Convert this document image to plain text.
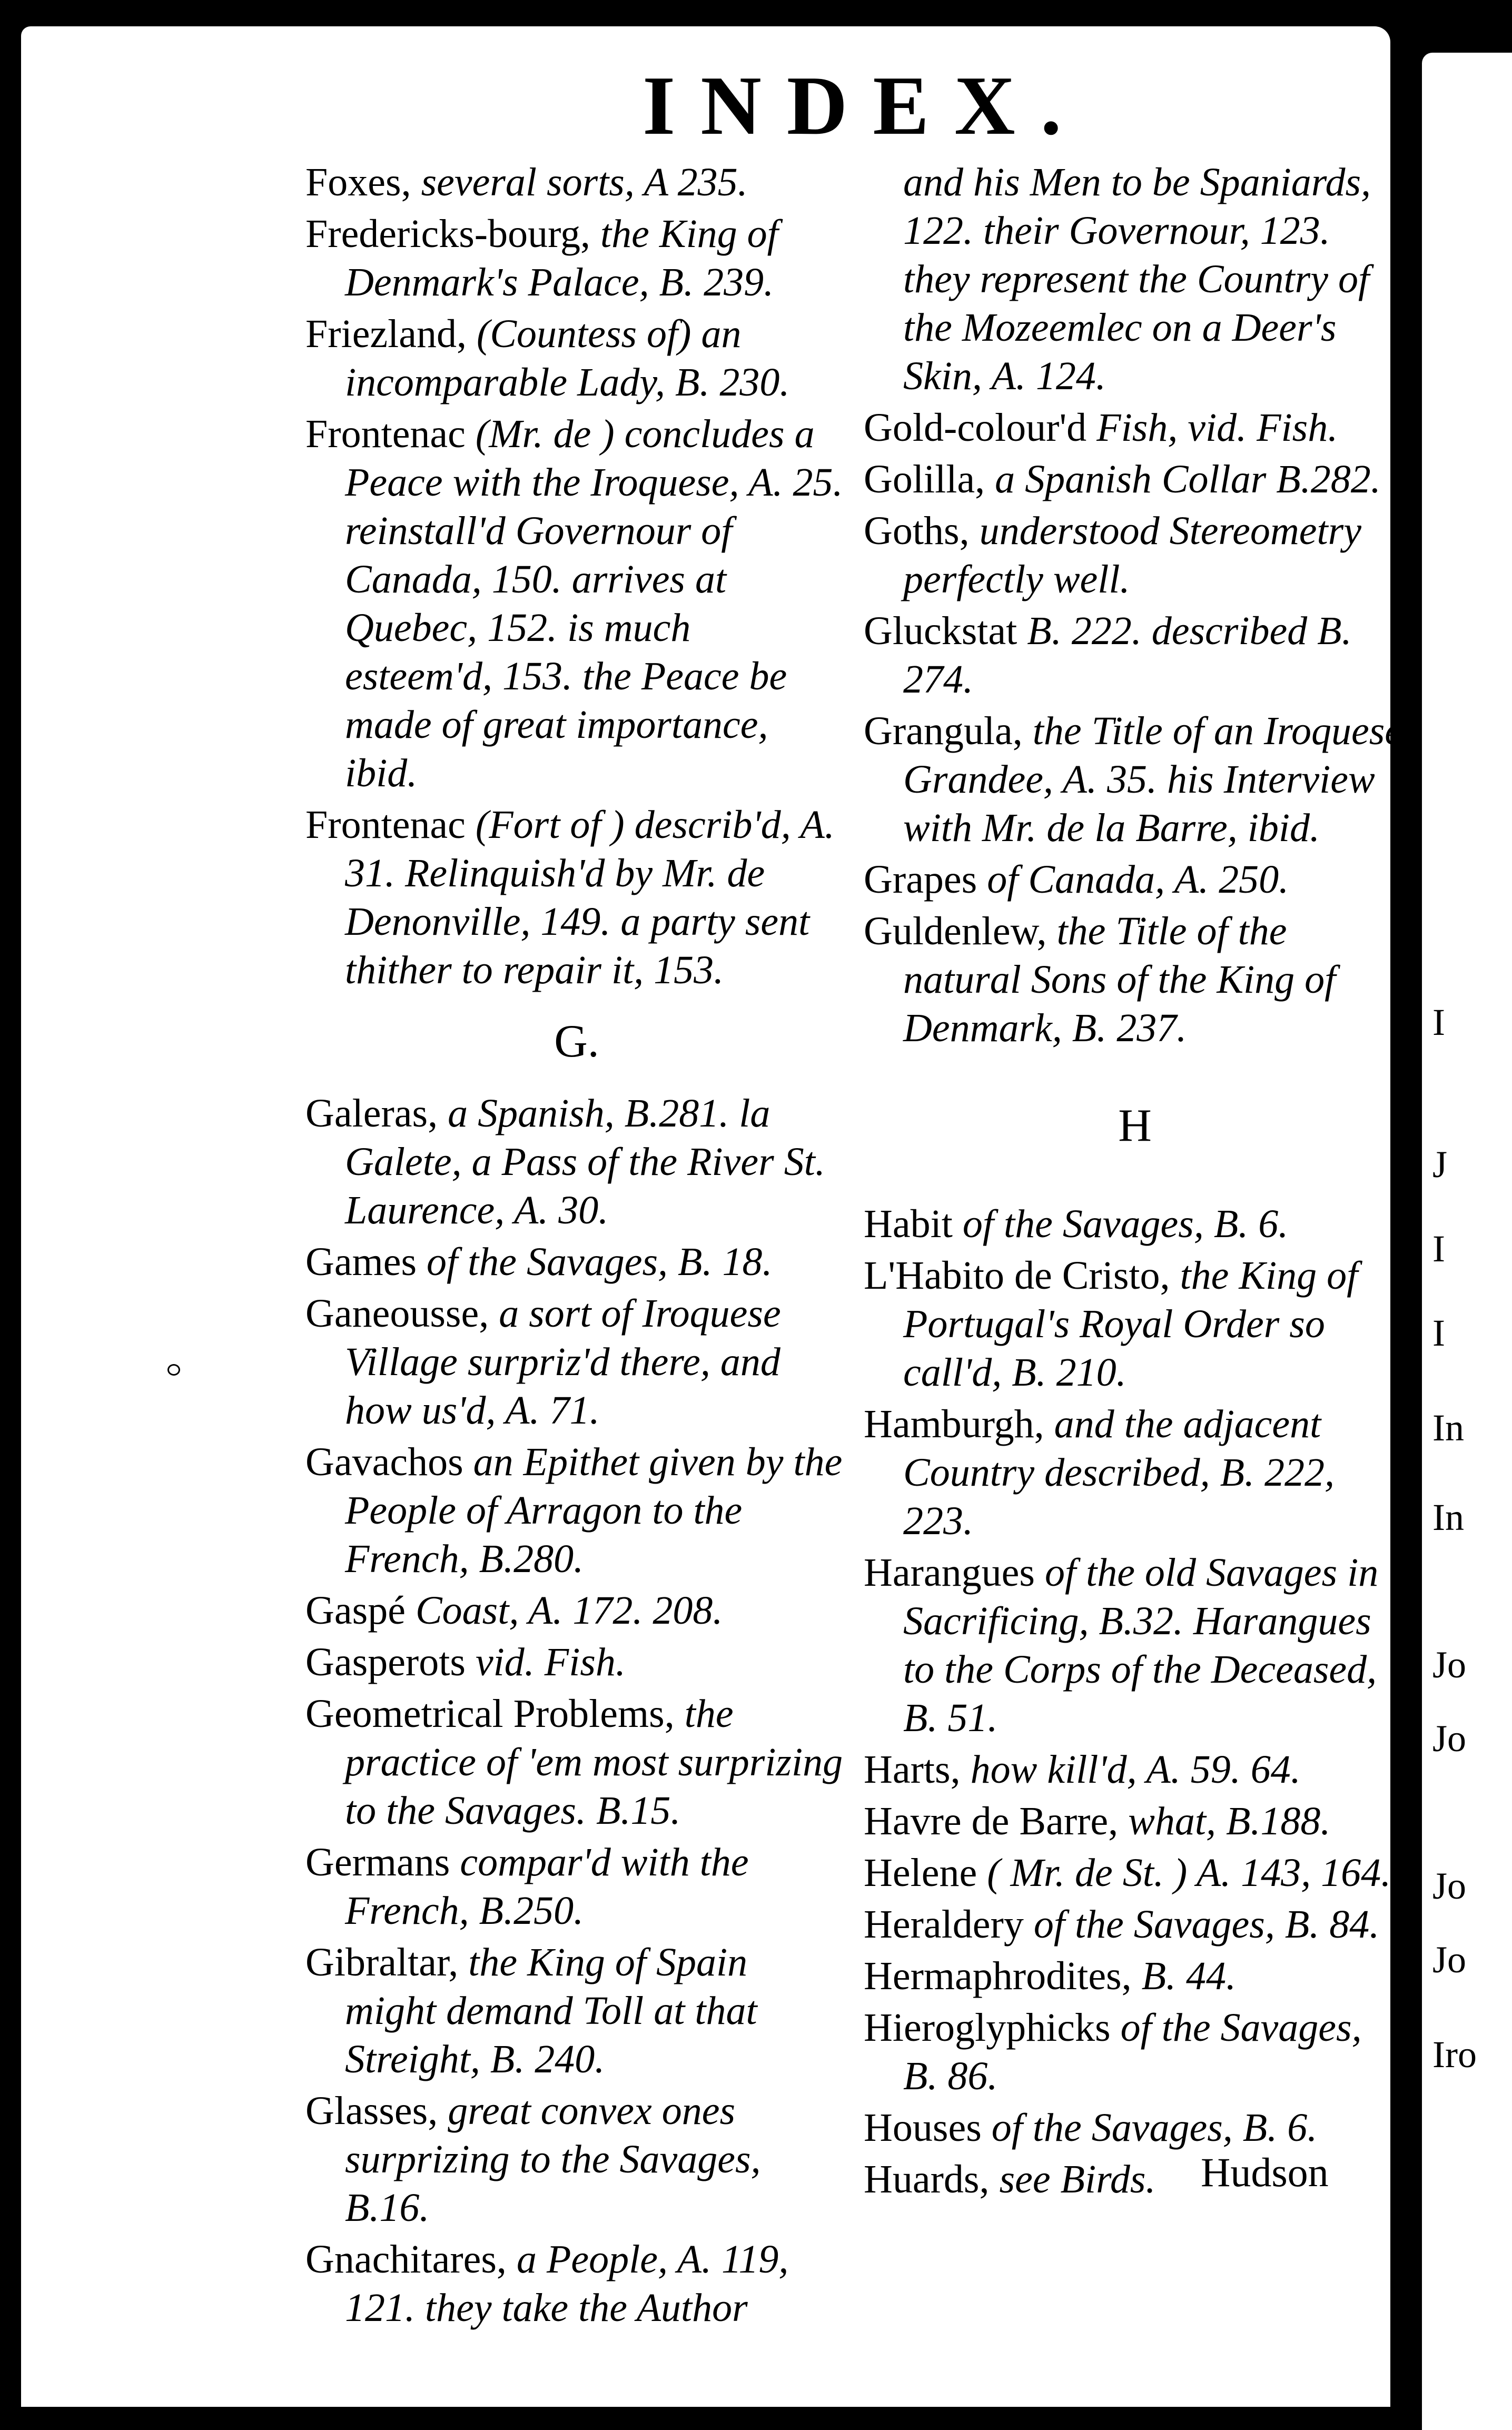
INDEX.
Foxes, several sorts, A 235.
Fredericks-bourg, the King of Denmark's Palace, B. 239.
Friezland, (Countess of) an incomparable Lady, B. 230.
Frontenac (Mr. de ) concludes a Peace with the Iroquese, A. 25. reinstall'd Governour of Canada, 150. arrives at Quebec, 152. is much esteem'd, 153. the Peace be made of great importance, ibid.
Frontenac (Fort of ) describ'd, A. 31. Relinquish'd by Mr. de Denonville, 149. a party sent thither to repair it, 153.
G.
Galeras, a Spanish, B.281. la Galete, a Pass of the River St. Laurence, A. 30.
Games of the Savages, B. 18.
Ganeousse, a sort of Iroquese Village surpriz'd there, and how us'd, A. 71.
Gavachos an Epithet given by the People of Arragon to the French, B.280.
Gaspé Coast, A. 172. 208.
Gasperots vid. Fish.
Geometrical Problems, the practice of 'em most surprizing to the Savages. B.15.
Germans compar'd with the French, B.250.
Gibraltar, the King of Spain might demand Toll at that Streight, B. 240.
Glasses, great convex ones surprizing to the Savages, B.16.
Gnachitares, a People, A. 119, 121. they take the Author
and his Men to be Spaniards, 122. their Governour, 123. they represent the Country of the Mozeemlec on a Deer's Skin, A. 124.
Gold-colour'd Fish, vid. Fish.
Golilla, a Spanish Collar B.282.
Goths, understood Stereometry perfectly well.
Gluckstat B. 222. described B. 274.
Grangula, the Title of an Iroquese Grandee, A. 35. his Interview with Mr. de la Barre, ibid.
Grapes of Canada, A. 250.
Guldenlew, the Title of the natural Sons of the King of Denmark, B. 237.
H
Habit of the Savages, B. 6.
L'Habito de Cristo, the King of Portugal's Royal Order so call'd, B. 210.
Hamburgh, and the adjacent Country described, B. 222, 223.
Harangues of the old Savages in Sacrificing, B.32. Harangues to the Corps of the Deceased, B. 51.
Harts, how kill'd, A. 59. 64.
Havre de Barre, what, B.188.
Helene ( Mr. de St. ) A. 143, 164.
Heraldery of the Savages, B. 84.
Hermaphrodites, B. 44.
Hieroglyphicks of the Savages, B. 86.
Houses of the Savages, B. 6.
Huards, see Birds.	Hudson
I
J
I
I
In
In
Jo
Jo
Jo
Jo
Iro
